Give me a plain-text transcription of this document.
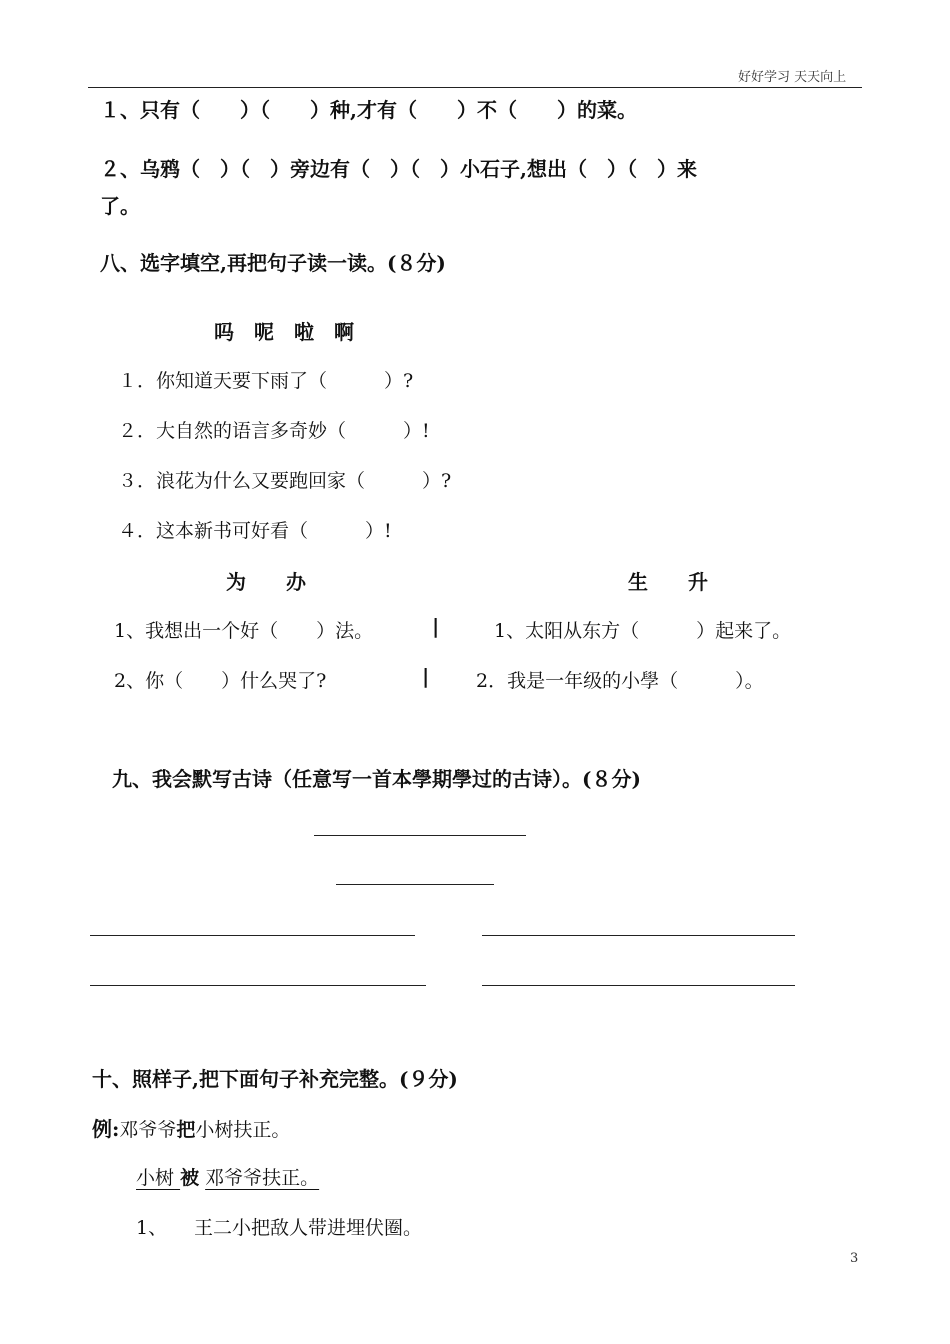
好好学习 天天向上
１、只有（　　）（　　）种,才有（　　）不（　　）的菜。
２、乌鸦（　）（　）旁边有（　）（　）小石子,想出（　）（　）来
了。
八、选字填空,再把句子读一读。(８分)
吗　呢　啦　啊
１．你知道天要下雨了（　　　）?
２．大自然的语言多奇妙（　　　）!
３．浪花为什么又要跑回家（　　　）?
４．这本新书可好看（　　　）!
为　　办	生　　升
1、我想出一个好（　　）法。	|	1、太阳从东方（　　　）起来了。
2、你（　　）什么哭了?	| 2．我是一年级的小學（　　　）。
九、我会默写古诗（任意写一首本學期學过的古诗）。(８分)
十、照样子,把下面句子补充完整。(９分)
例:邓爷爷把小树扶正。
小树 被 邓爷爷扶正。
1、 王二小把敌人带进埋伏圈。
3
